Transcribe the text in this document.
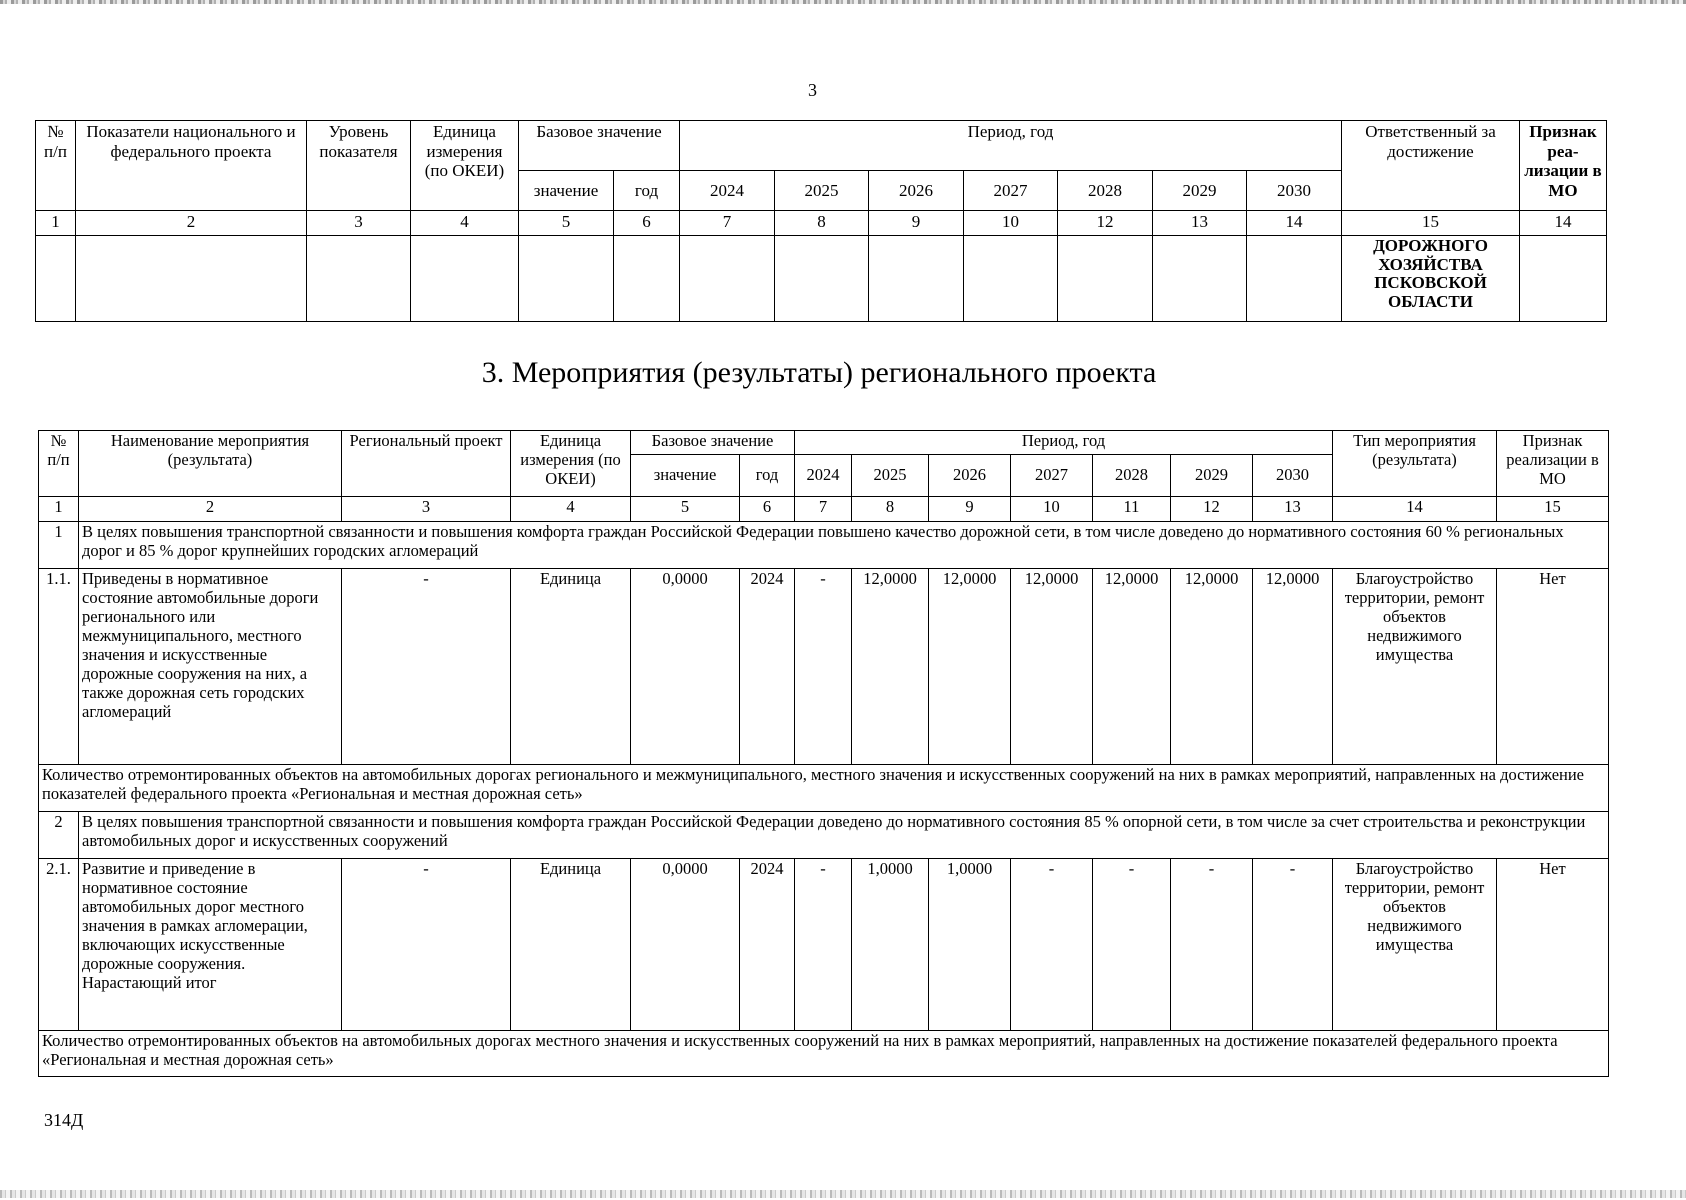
3
№ п/п	Показатели национального и федерального проекта	Уровень показателя	Единица измерения (по ОКЕИ)	Базовое значение		Период, год							Ответственный за достижение	Признак реа-лизации в МО
				значение	год	2024	2025	2026	2027	2028	2029	2030		
1	2	3	4	5	6	7	8	9	10	12	13	14	15	14
													ДОРОЖНОГО ХОЗЯЙСТВА ПСКОВСКОЙ ОБЛАСТИ	
3. Мероприятия (результаты) регионального проекта
№ п/п	Наименование мероприятия (результата)	Региональный проект	Единица измерения (по ОКЕИ)	Базовое значение		Период, год							Тип мероприятия (результата)	Признак реализации в МО
				значение	год	2024	2025	2026	2027	2028	2029	2030		
1	2	3	4	5	6	7	8	9	10	11	12	13	14	15
1	В целях повышения транспортной связанности и повышения комфорта граждан Российской Федерации повышено качество дорожной сети, в том числе доведено до нормативного состояния 60 % региональных дорог и 85 % дорог крупнейших городских агломераций													
1.1.	Приведены в нормативное состояние автомобильные дороги регионального или межмуниципального, местного значения и искусственные дорожные сооружения на них, а также дорожная сеть городских агломераций	-	Единица	0,0000	2024	-	12,0000	12,0000	12,0000	12,0000	12,0000	12,0000	Благоустройство территории, ремонт объектов недвижимого имущества	Нет
Количество отремонтированных объектов на автомобильных дорогах регионального и межмуниципального, местного значения и искусственных сооружений на них в рамках мероприятий, направленных на достижение показателей федерального проекта «Региональная и местная дорожная сеть»														
2	В целях повышения транспортной связанности и повышения комфорта граждан Российской Федерации доведено до нормативного состояния 85 % опорной сети, в том числе за счет строительства и реконструкции автомобильных дорог и искусственных сооружений													
2.1.	Развитие и приведение в нормативное состояние автомобильных дорог местного значения в рамках агломерации, включающих искусственные дорожные сооружения. Нарастающий итог	-	Единица	0,0000	2024	-	1,0000	1,0000	-	-	-	-	Благоустройство территории, ремонт объектов недвижимого имущества	Нет
Количество отремонтированных объектов на автомобильных дорогах местного значения и искусственных сооружений на них в рамках мероприятий, направленных на достижение показателей федерального проекта «Региональная и местная дорожная сеть»														
314Д
